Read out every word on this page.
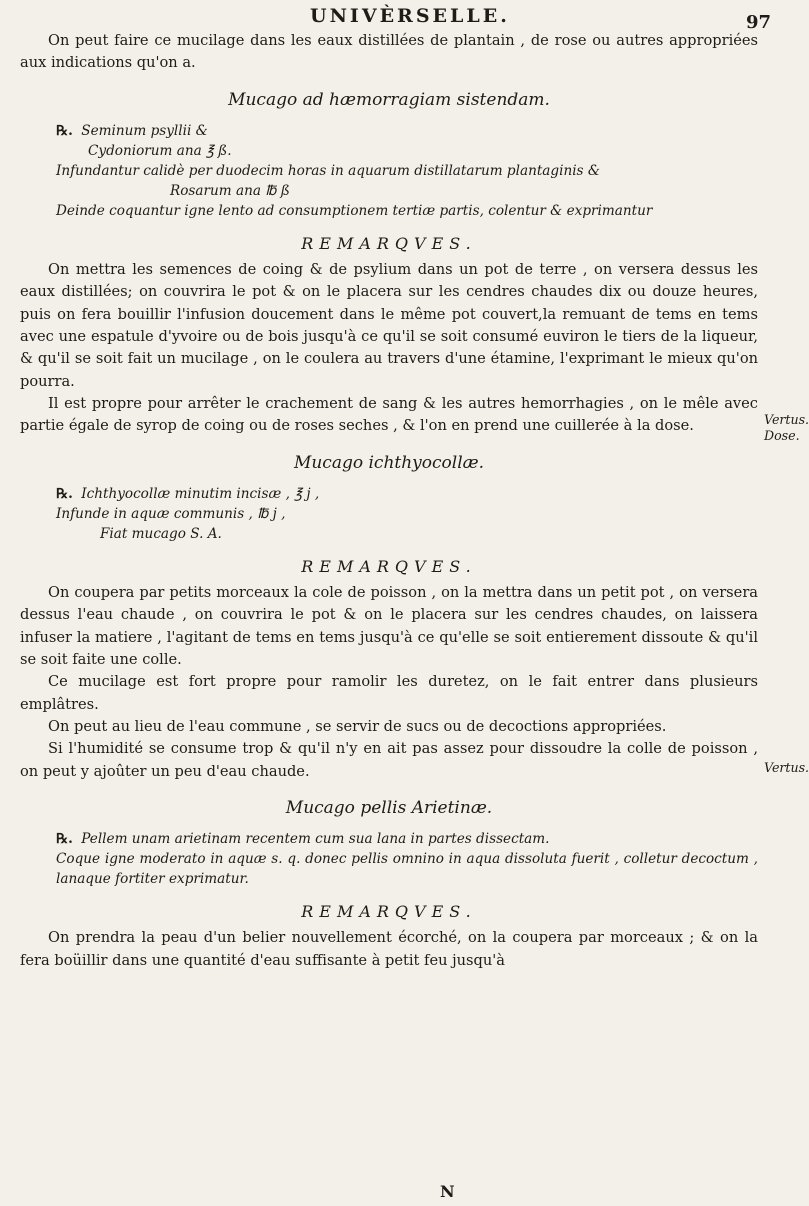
UNIVÈRSELLE.	97

On peut faire ce mucilage dans les eaux distillées de plantain , de rose ou autres appropriées aux indications qu'on a.

Mucago ad hæmorragiam sistendam.

℞. Seminum psyllii &

Cydoniorum ana ℥ ß.

Infundantur calidè per duodecim horas in aquarum distillatarum plantaginis &

Rosarum ana ℔ ß

Deinde coquantur igne lento ad consumptionem tertiæ partis, colentur & exprimantur

REMARQVES.

On mettra les semences de coing & de psylium dans un pot de terre , on versera dessus les eaux distillées; on couvrira le pot & on le placera sur les cendres chaudes dix ou douze heures, puis on fera bouillir l'infusion doucement dans le même pot couvert,la remuant de tems en tems avec une espatule d'yvoire ou de bois jusqu'à ce qu'il se soit consumé euviron le tiers de la liqueur, & qu'il se soit fait un mucilage , on le coulera au travers d'une étamine, l'exprimant le mieux qu'on pourra.

Il est propre pour arrêter le crachement de sang & les autres hemorrhagies , on le mêle avec partie égale de syrop de coing ou de roses seches , & l'on en prend une cuillerée à la dose.

Mucago ichthyocollæ.

℞. Ichthyocollæ minutim incisæ , ℥ j ,

Infunde in aquæ communis , ℔ j ,

Fiat mucago S. A.

REMARQVES.

On coupera par petits morceaux la cole de poisson , on la mettra dans un petit pot , on versera dessus l'eau chaude , on couvrira le pot & on le placera sur les cendres chaudes, on laissera infuser la matiere , l'agitant de tems en tems jusqu'à ce qu'elle se soit entierement dissoute & qu'il se soit faite une colle.

Ce mucilage est fort propre pour ramolir les duretez, on le fait entrer dans plusieurs emplâtres.

On peut au lieu de l'eau commune , se servir de sucs ou de decoctions appropriées.

Si l'humidité se consume trop & qu'il n'y en ait pas assez pour dissoudre la colle de poisson , on peut y ajoûter un peu d'eau chaude.

Mucago pellis Arietinæ.

℞. Pellem unam arietinam recentem cum sua lana in partes dissectam.

Coque igne moderato in aquæ s. q. donec pellis omnino in aqua dissoluta fuerit , colletur decoctum , lanaque fortiter exprimatur.

REMARQVES.

On prendra la peau d'un belier nouvellement écorché, on la coupera par morceaux ; & on la fera boüillir dans une quantité d'eau suffisante à petit feu jusqu'à

Vertus. Dose.
Vertus.
N
